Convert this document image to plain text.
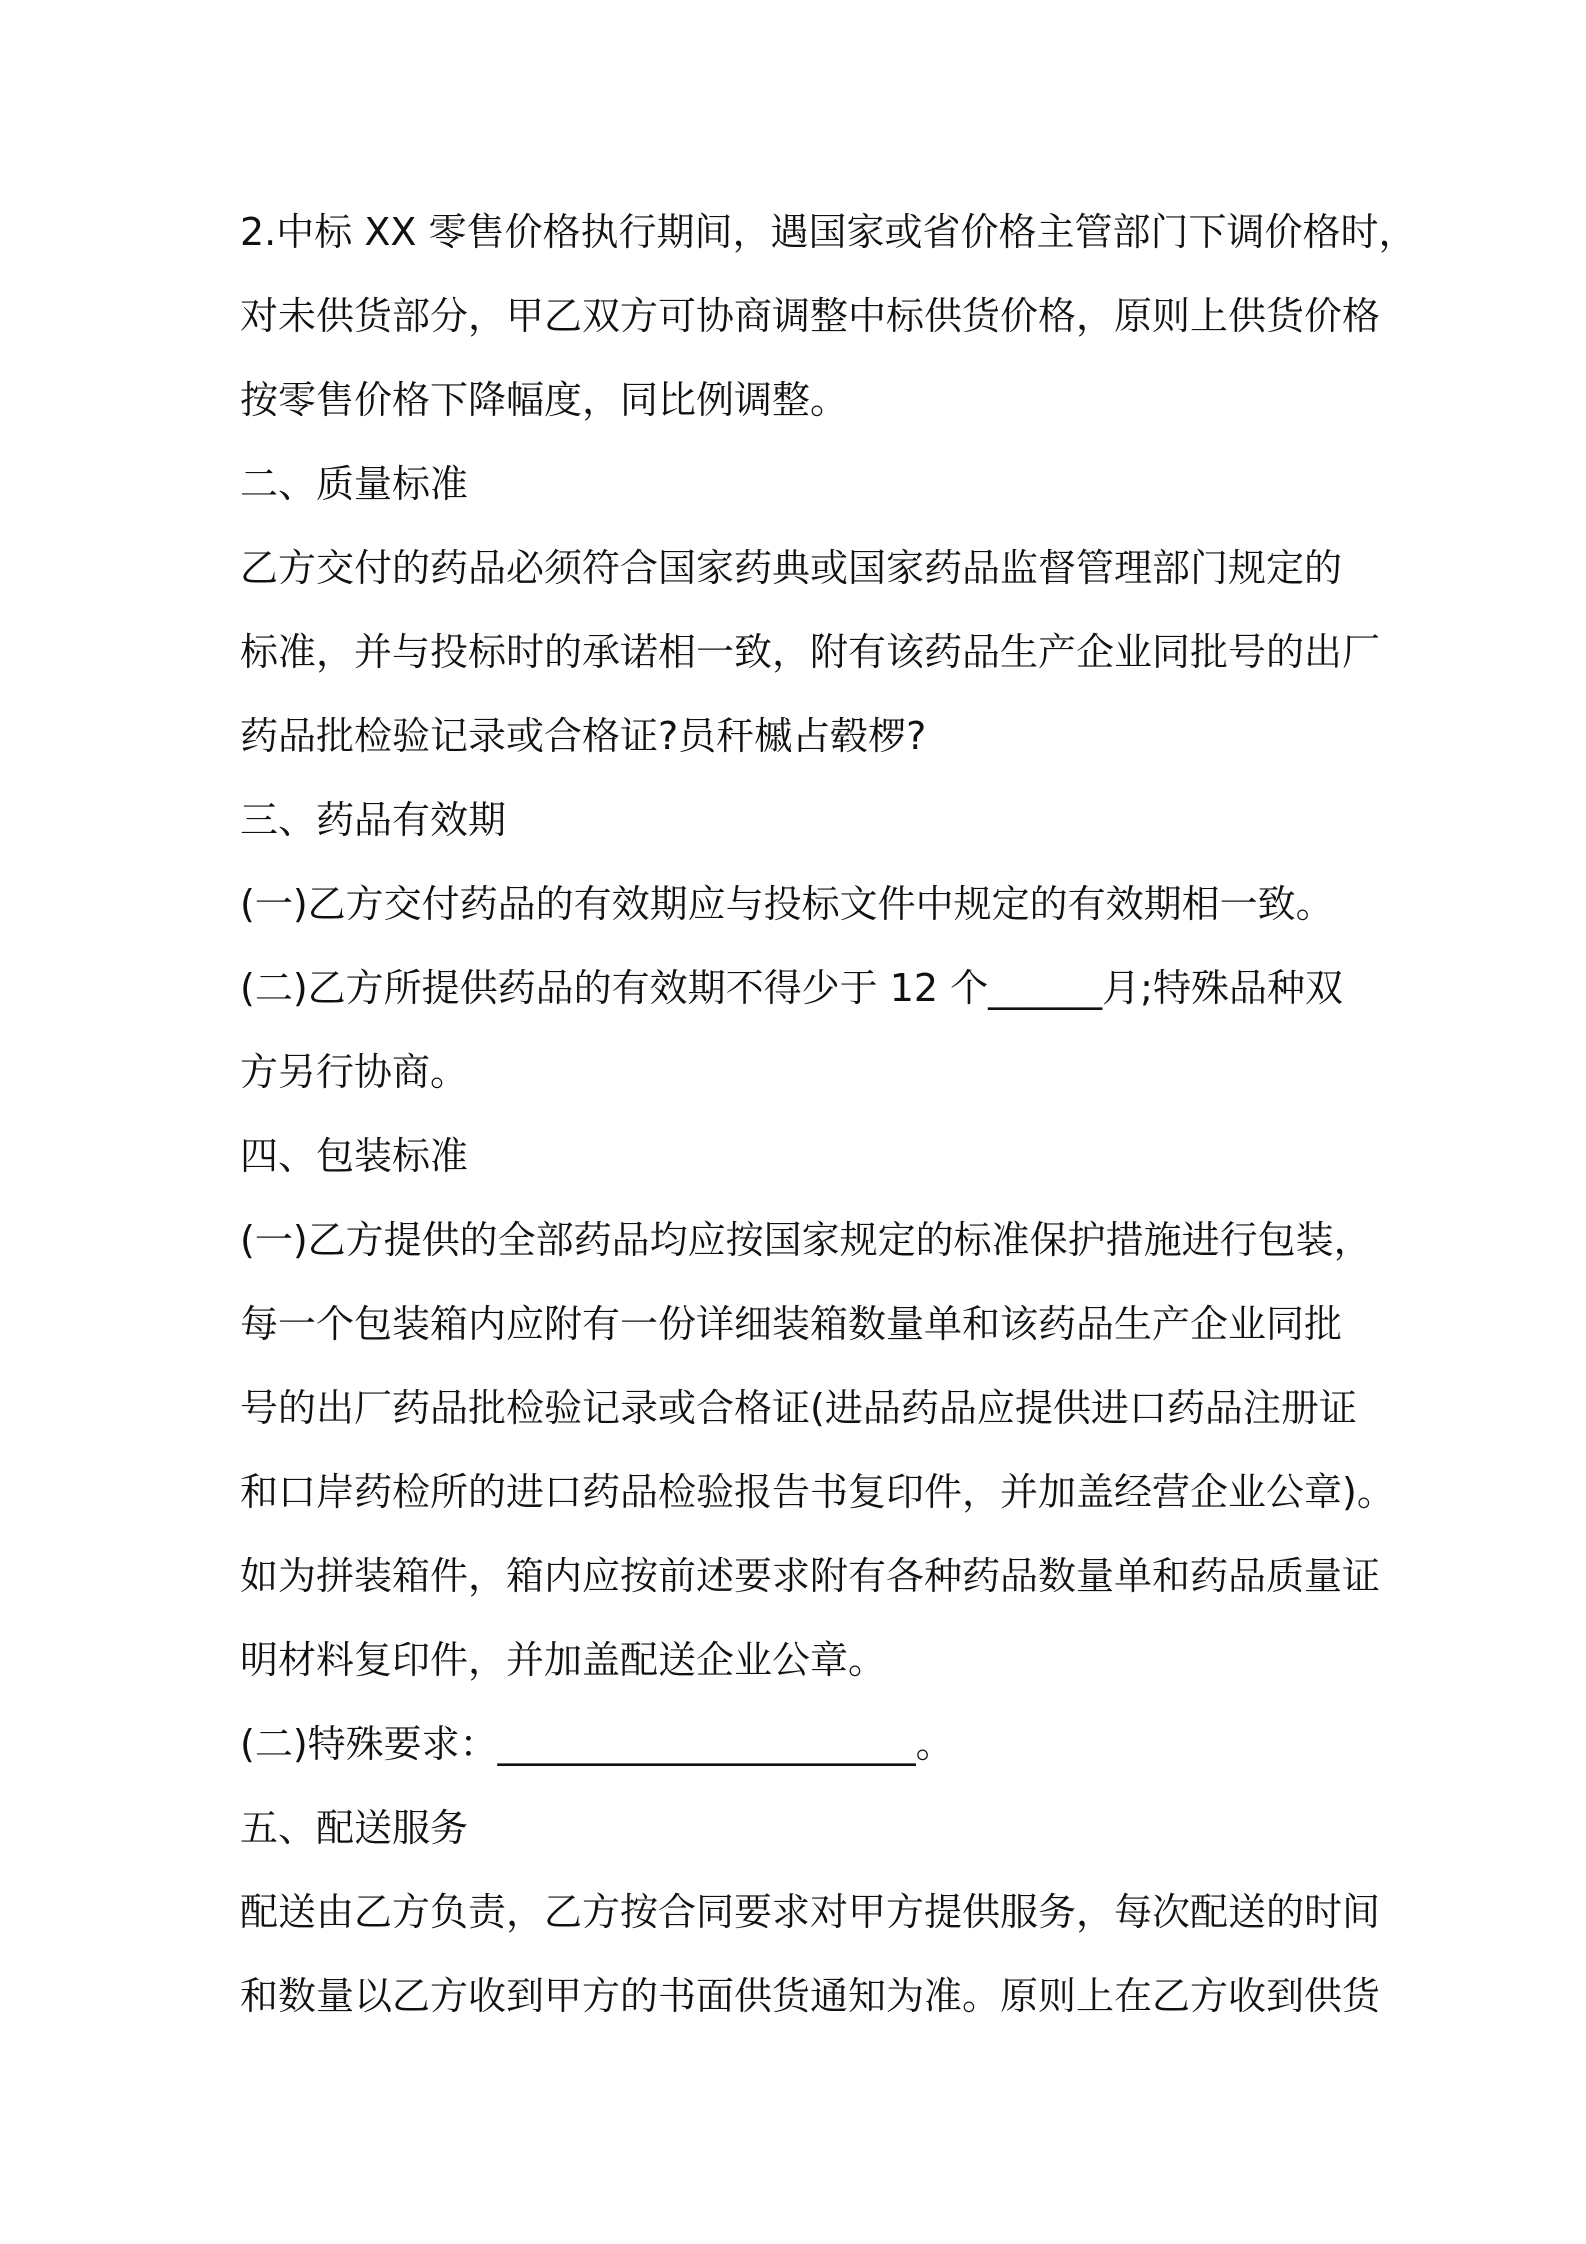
2.中标 XX 零售价格执行期间，遇国家或省价格主管部门下调价格时，
对未供货部分，甲乙双方可协商调整中标供货价格，原则上供货价格
按零售价格下降幅度，同比例调整。
二、质量标准
乙方交付的药品必须符合国家药典或国家药品监督管理部门规定的
标准，并与投标时的承诺相一致，附有该药品生产企业同批号的出厂
药品批检验记录或合格证?员秆槭占毂椤?
三、药品有效期
(一)乙方交付药品的有效期应与投标文件中规定的有效期相一致。
(二)乙方所提供药品的有效期不得少于 12 个______月;特殊品种双
方另行协商。
四、包装标准
(一)乙方提供的全部药品均应按国家规定的标准保护措施进行包装，
每一个包装箱内应附有一份详细装箱数量单和该药品生产企业同批
号的出厂药品批检验记录或合格证(进品药品应提供进口药品注册证
和口岸药检所的进口药品检验报告书复印件，并加盖经营企业公章)。
如为拼装箱件，箱内应按前述要求附有各种药品数量单和药品质量证
明材料复印件，并加盖配送企业公章。
(二)特殊要求：______________________。
五、配送服务
配送由乙方负责，乙方按合同要求对甲方提供服务，每次配送的时间
和数量以乙方收到甲方的书面供货通知为准。原则上在乙方收到供货
